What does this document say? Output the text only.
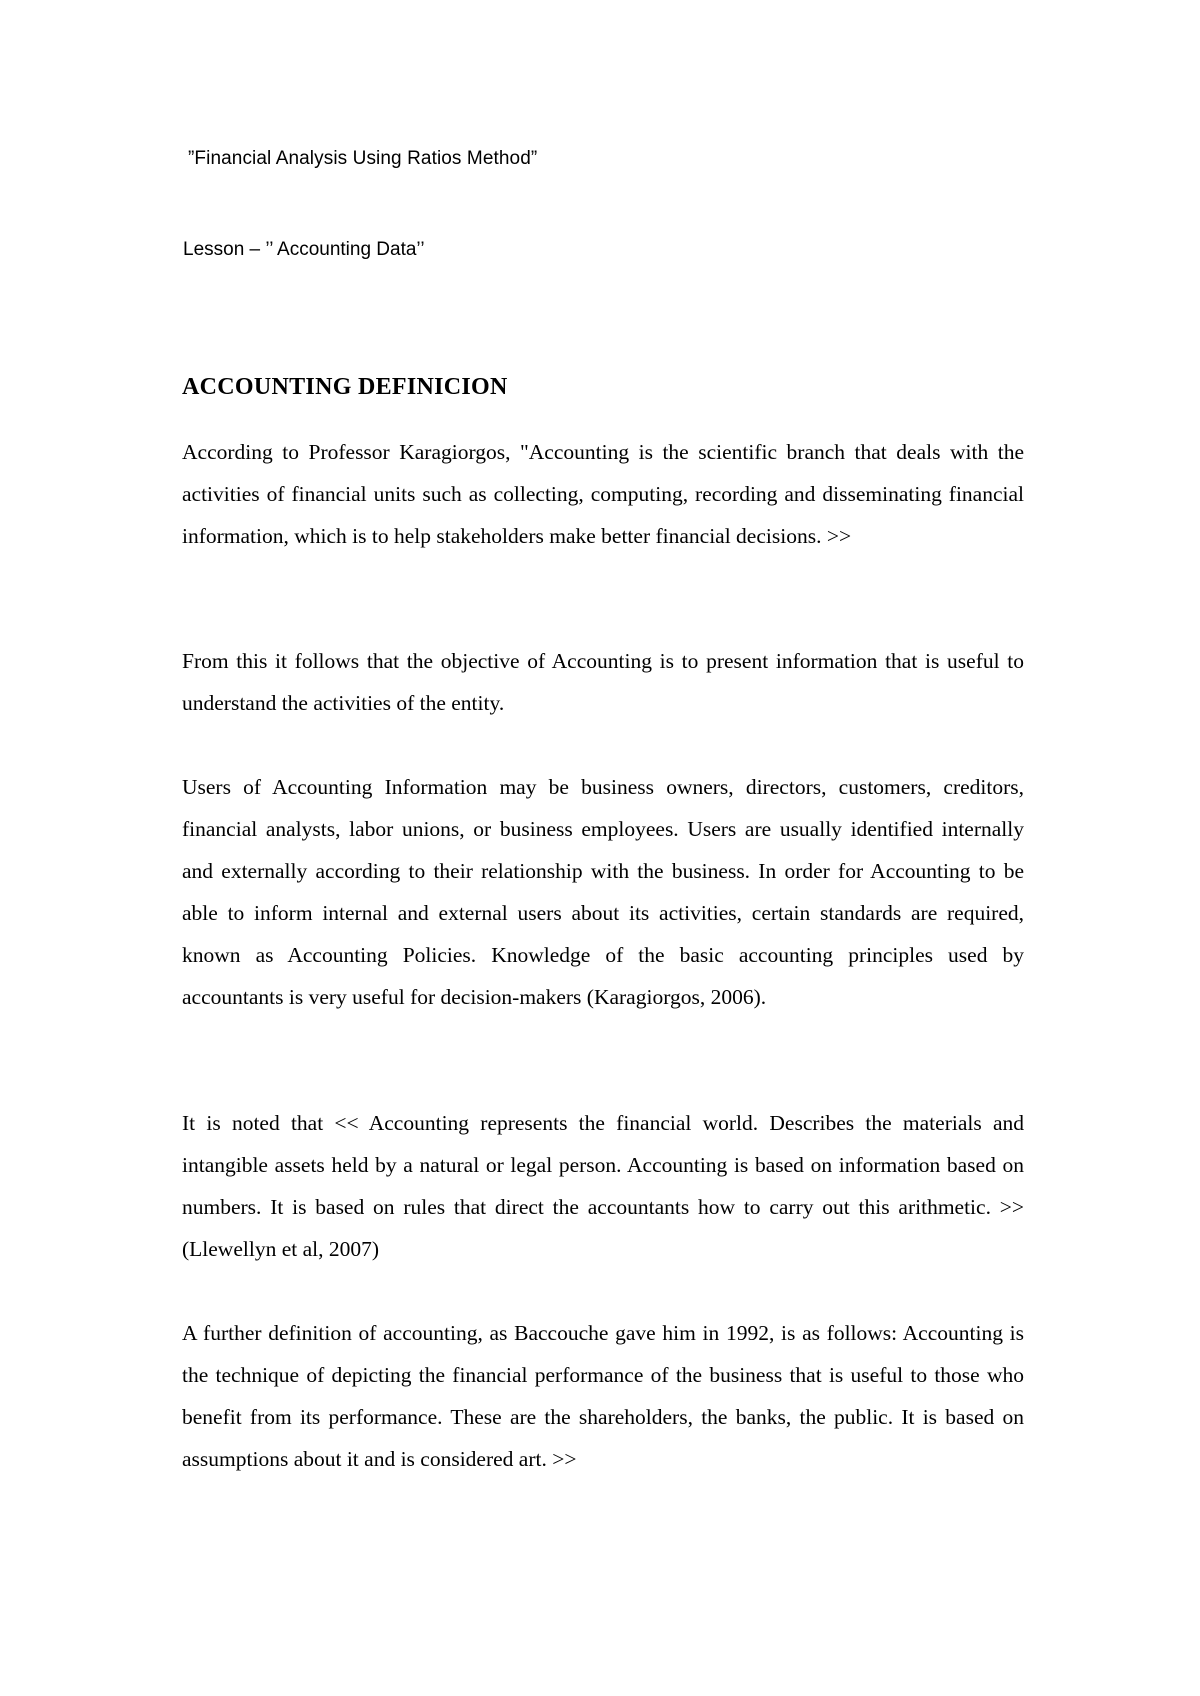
”Financial Analysis Using Ratios Method”

Lesson – ’’ Accounting Data’’

ACCOUNTING DEFINICION

According to Professor Karagiorgos, "Accounting is the scientific branch that deals with the activities of financial units such as collecting, computing, recording and disseminating financial information, which is to help stakeholders make better financial decisions. >>

From this it follows that the objective of Accounting is to present information that is useful to understand the activities of the entity.

Users of Accounting Information may be business owners, directors, customers, creditors, financial analysts, labor unions, or business employees. Users are usually identified internally and externally according to their relationship with the business. In order for Accounting to be able to inform internal and external users about its activities, certain standards are required, known as Accounting Policies. Knowledge of the basic accounting principles used by accountants is very useful for decision-makers (Karagiorgos, 2006).

It is noted that << Accounting represents the financial world. Describes the materials and intangible assets held by a natural or legal person. Accounting is based on information based on numbers. It is based on rules that direct the accountants how to carry out this arithmetic. >> (Llewellyn et al, 2007)

A further definition of accounting, as Baccouche gave him in 1992, is as follows: Accounting is the technique of depicting the financial performance of the business that is useful to those who benefit from its performance. These are the shareholders, the banks, the public. It is based on assumptions about it and is considered art. >>
